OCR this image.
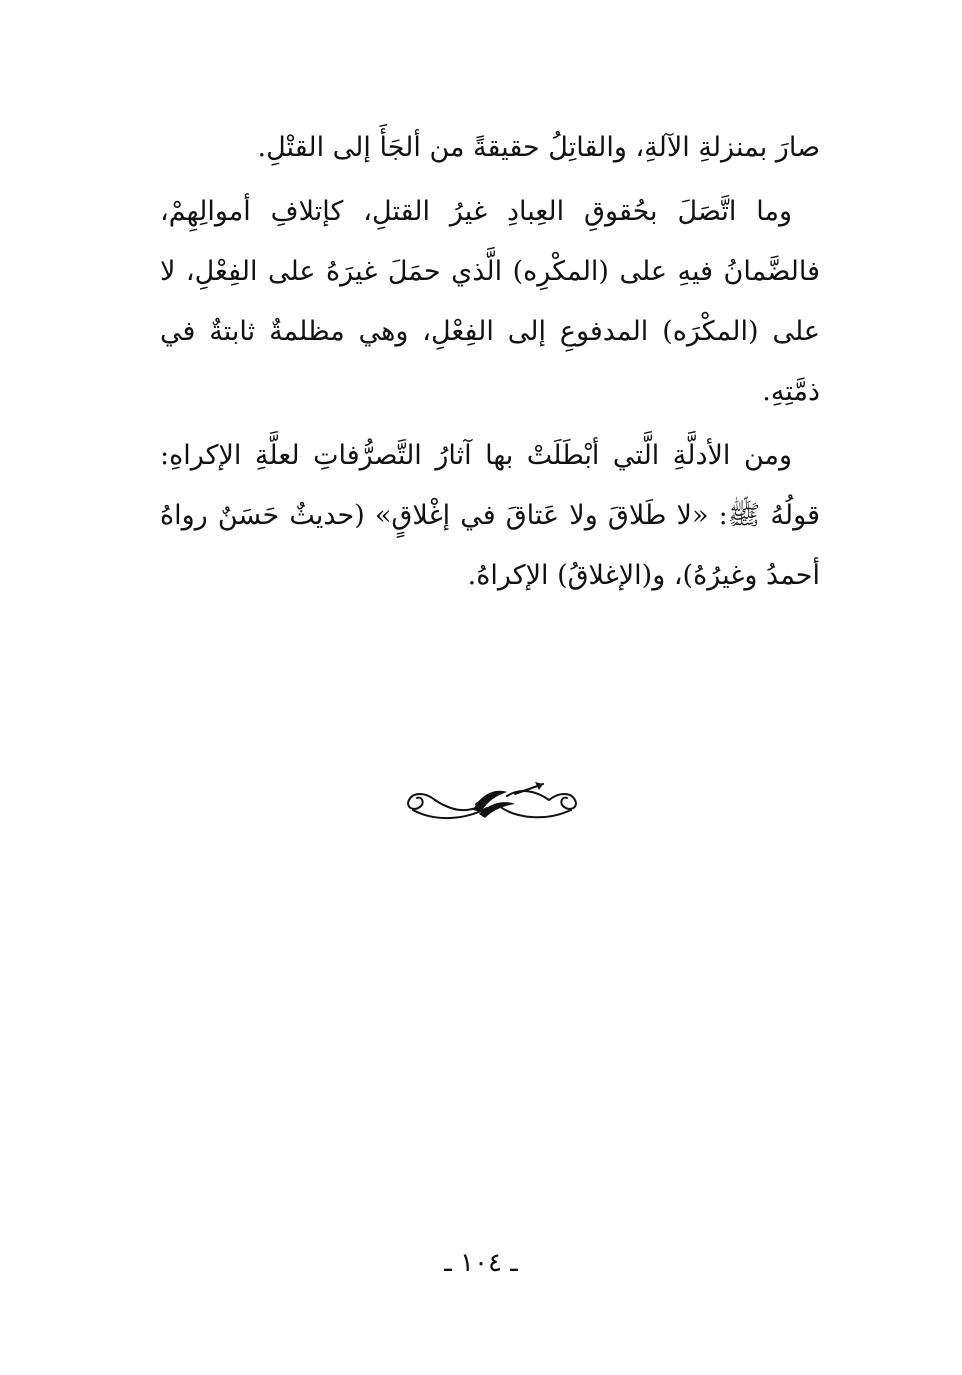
صارَ بمنزلةِ الآلةِ، والقاتِلُ حقيقةً من ألجَأَ إلى القتْلِ.

وما اتَّصَلَ بحُقوقِ العِبادِ غيرُ القتلِ، كإتلافِ أموالِهِمْ، فالضَّمانُ فيهِ على (المكْرِه) الَّذي حمَلَ غيرَهُ على الفِعْلِ، لا على (المكْرَه) المدفوعِ إلى الفِعْلِ، وهي مظلمةٌ ثابتةٌ في ذمَّتِهِ.

ومن الأدلَّةِ الَّتي أبْطَلَتْ بها آثارُ التَّصرُّفاتِ لعلَّةِ الإكراهِ: قولُهُ ﷺ: «لا طَلاقَ ولا عَتاقَ في إغْلاقٍ» (حديثٌ حَسَنٌ رواهُ أحمدُ وغيرُهُ)، و(الإغلاقُ) الإكراهُ.

ـ ١٠٤ ـ
